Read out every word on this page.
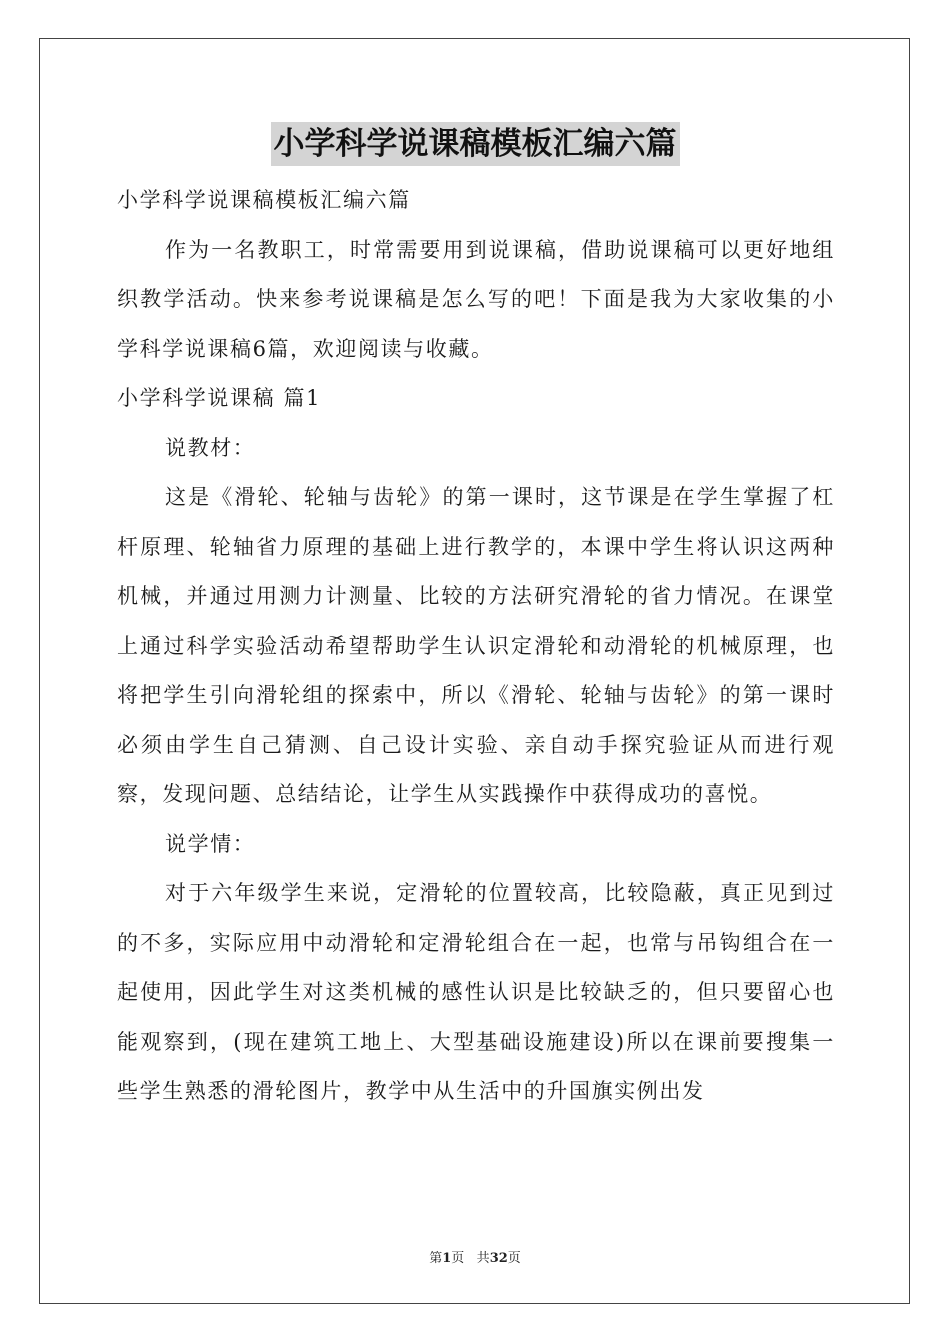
小学科学说课稿模板汇编六篇

小学科学说课稿模板汇编六篇

作为一名教职工，时常需要用到说课稿，借助说课稿可以更好地组织教学活动。快来参考说课稿是怎么写的吧！下面是我为大家收集的小学科学说课稿6篇，欢迎阅读与收藏。

小学科学说课稿 篇1

说教材：

这是《滑轮、轮轴与齿轮》的第一课时，这节课是在学生掌握了杠杆原理、轮轴省力原理的基础上进行教学的，本课中学生将认识这两种机械，并通过用测力计测量、比较的方法研究滑轮的省力情况。在课堂上通过科学实验活动希望帮助学生认识定滑轮和动滑轮的机械原理，也将把学生引向滑轮组的探索中，所以《滑轮、轮轴与齿轮》的第一课时必须由学生自己猜测、自己设计实验、亲自动手探究验证从而进行观察，发现问题、总结结论，让学生从实践操作中获得成功的喜悦。

说学情：

对于六年级学生来说，定滑轮的位置较高，比较隐蔽，真正见到过的不多，实际应用中动滑轮和定滑轮组合在一起，也常与吊钩组合在一起使用，因此学生对这类机械的感性认识是比较缺乏的，但只要留心也能观察到，(现在建筑工地上、大型基础设施建设)所以在课前要搜集一些学生熟悉的滑轮图片，教学中从生活中的升国旗实例出发

第1页 共32页
